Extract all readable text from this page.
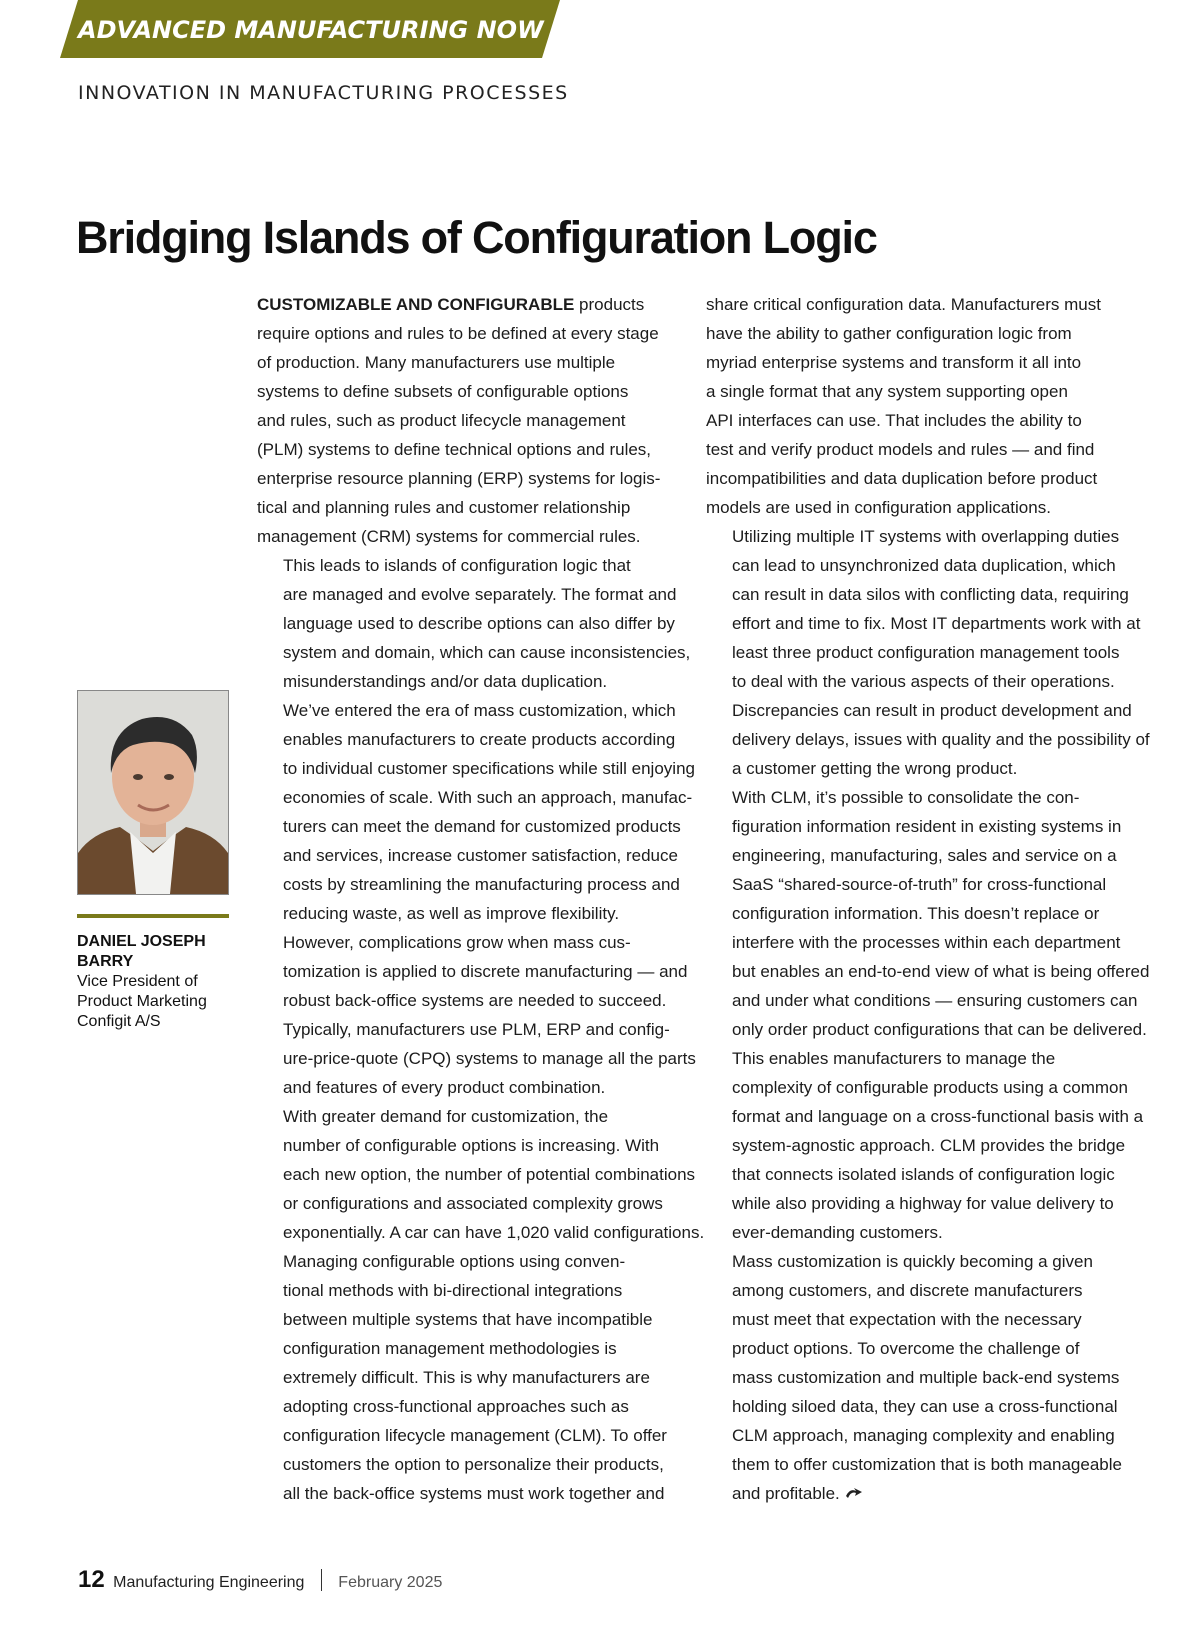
ADVANCED MANUFACTURING NOW
INNOVATION IN MANUFACTURING PROCESSES
Bridging Islands of Configuration Logic
DANIEL JOSEPH
BARRY
Vice President of
Product Marketing
Configit A/S

CUSTOMIZABLE AND CONFIGURABLE products
require options and rules to be defined at every stage
of production. Many manufacturers use multiple
systems to define subsets of configurable options
and rules, such as product lifecycle management
(PLM) systems to define technical options and rules,
enterprise resource planning (ERP) systems for logis-
tical and planning rules and customer relationship
management (CRM) systems for commercial rules.

This leads to islands of configuration logic that
are managed and evolve separately. The format and
language used to describe options can also differ by
system and domain, which can cause inconsistencies,
misunderstandings and/or data duplication.

We’ve entered the era of mass customization, which
enables manufacturers to create products according
to individual customer specifications while still enjoying
economies of scale. With such an approach, manufac-
turers can meet the demand for customized products
and services, increase customer satisfaction, reduce
costs by streamlining the manufacturing process and
reducing waste, as well as improve flexibility.

However, complications grow when mass cus-
tomization is applied to discrete manufacturing — and
robust back-office systems are needed to succeed.
Typically, manufacturers use PLM, ERP and config-
ure-price-quote (CPQ) systems to manage all the parts
and features of every product combination.

With greater demand for customization, the
number of configurable options is increasing. With
each new option, the number of potential combinations
or configurations and associated complexity grows
exponentially. A car can have 1,020 valid configurations.

Managing configurable options using conven-
tional methods with bi-directional integrations
between multiple systems that have incompatible
configuration management methodologies is
extremely difficult. This is why manufacturers are
adopting cross-functional approaches such as
configuration lifecycle management (CLM). To offer
customers the option to personalize their products,
all the back-office systems must work together and

share critical configuration data. Manufacturers must
have the ability to gather configuration logic from
myriad enterprise systems and transform it all into
a single format that any system supporting open
API interfaces can use. That includes the ability to
test and verify product models and rules — and find
incompatibilities and data duplication before product
models are used in configuration applications.

Utilizing multiple IT systems with overlapping duties
can lead to unsynchronized data duplication, which
can result in data silos with conflicting data, requiring
effort and time to fix. Most IT departments work with at
least three product configuration management tools
to deal with the various aspects of their operations.
Discrepancies can result in product development and
delivery delays, issues with quality and the possibility of
a customer getting the wrong product.

With CLM, it’s possible to consolidate the con-
figuration information resident in existing systems in
engineering, manufacturing, sales and service on a
SaaS “shared-source-of-truth” for cross-functional
configuration information. This doesn’t replace or
interfere with the processes within each department
but enables an end-to-end view of what is being offered
and under what conditions — ensuring customers can
only order product configurations that can be delivered.

This enables manufacturers to manage the
complexity of configurable products using a common
format and language on a cross-functional basis with a
system-agnostic approach. CLM provides the bridge
that connects isolated islands of configuration logic
while also providing a highway for value delivery to
ever-demanding customers.

Mass customization is quickly becoming a given
among customers, and discrete manufacturers
must meet that expectation with the necessary
product options. To overcome the challenge of
mass customization and multiple back-end systems
holding siloed data, they can use a cross-functional
CLM approach, managing complexity and enabling
them to offer customization that is both manageable
and profitable.

12 Manufacturing Engineering February 2025
